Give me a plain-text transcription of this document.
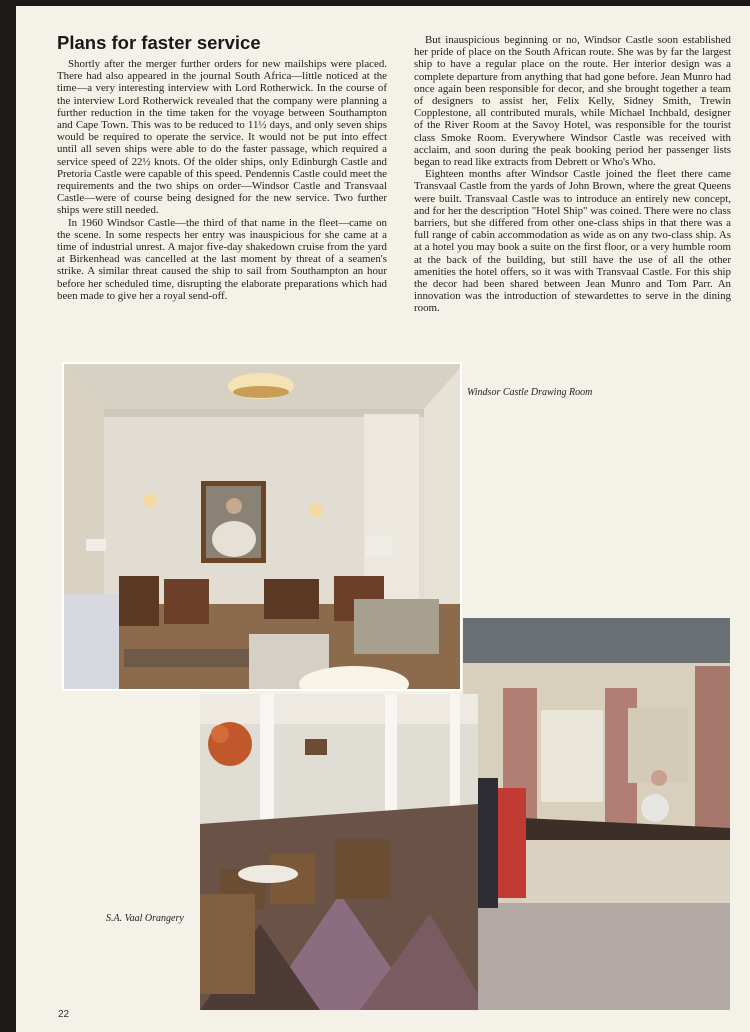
Plans for faster service

Shortly after the merger further orders for new mailships were placed. There had also appeared in the journal South Africa—little noticed at the time—a very interesting interview with Lord Rotherwick. In the course of the interview Lord Rotherwick revealed that the company were planning a further reduction in the time taken for the voyage between Southampton and Cape Town. This was to be reduced to 11½ days, and only seven ships would be required to operate the service. It would not be put into effect until all seven ships were able to do the faster passage, which required a service speed of 22½ knots. Of the older ships, only Edinburgh Castle and Pretoria Castle were capable of this speed. Pendennis Castle could meet the requirements and the two ships on order—Windsor Castle and Transvaal Castle—were of course being designed for the new service. Two further ships were still needed.

In 1960 Windsor Castle—the third of that name in the fleet—came on the scene. In some respects her entry was inauspicious for she came at a time of industrial unrest. A major five-day shakedown cruise from the yard at Birkenhead was cancelled at the last moment by threat of a seamen's strike. A similar threat caused the ship to sail from Southampton an hour before her scheduled time, disrupting the elaborate preparations which had been made to give her a royal send-off.

But inauspicious beginning or no, Windsor Castle soon established her pride of place on the South African route. She was by far the largest ship to have a regular place on the route. Her interior design was a complete departure from anything that had gone before. Jean Munro had once again been responsible for decor, and she brought together a team of designers to assist her, Felix Kelly, Sidney Smith, Trewin Copplestone, all contributed murals, while Michael Inchbald, designer of the River Room at the Savoy Hotel, was responsible for the tourist class Smoke Room. Everywhere Windsor Castle was received with acclaim, and soon during the peak booking period her passenger lists began to read like extracts from Debrett or Who's Who.

Eighteen months after Windsor Castle joined the fleet there came Transvaal Castle from the yards of John Brown, where the great Queens were built. Transvaal Castle was to introduce an entirely new concept, and for her the description "Hotel Ship" was coined. There were no class barriers, but she differed from other one-class ships in that there was a full range of cabin accommodation as wide as on any two-class ship. As at a hotel you may book a suite on the first floor, or a very humble room at the back of the building, but still have the use of all the other amenities the hotel offers, so it was with Transvaal Castle. For this ship the decor had been shared between Jean Munro and Tom Parr. An innovation was the introduction of stewardettes to serve in the dining room.

Windsor Castle Drawing Room
S.A. Vaal Orangery
22
